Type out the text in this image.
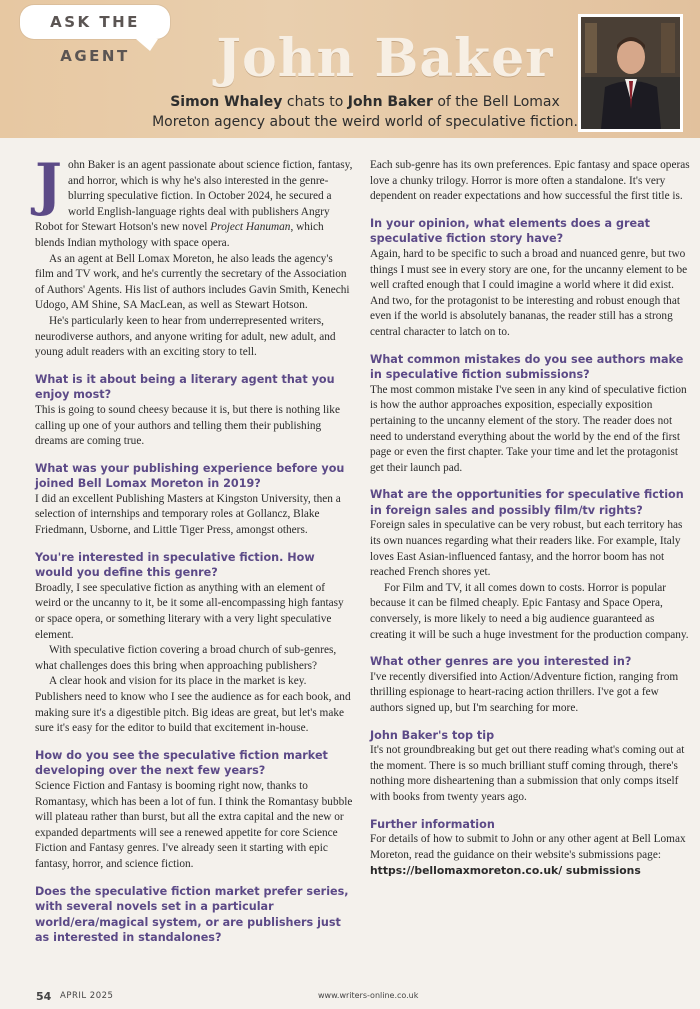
ASK THE AGENT	John Baker
Simon Whaley chats to John Baker of the Bell Lomax Moreton agency about the weird world of speculative fiction.

John Baker is an agent passionate about science fiction, fantasy, and horror, which is why he's also interested in the genre-blurring speculative fiction. In October 2024, he secured a world English-language rights deal with publishers Angry Robot for Stewart Hotson's new novel Project Hanuman, which blends Indian mythology with space opera.

As an agent at Bell Lomax Moreton, he also leads the agency's film and TV work, and he's currently the secretary of the Association of Authors' Agents. His list of authors includes Gavin Smith, Kenechi Udogo, AM Shine, SA MacLean, as well as Stewart Hotson.

He's particularly keen to hear from underrepresented writers, neurodiverse authors, and anyone writing for adult, new adult, and young adult readers with an exciting story to tell.

What is it about being a literary agent that you enjoy most?

This is going to sound cheesy because it is, but there is nothing like calling up one of your authors and telling them their publishing dreams are coming true.

What was your publishing experience before you joined Bell Lomax Moreton in 2019?

I did an excellent Publishing Masters at Kingston University, then a selection of internships and temporary roles at Gollancz, Blake Friedmann, Usborne, and Little Tiger Press, amongst others.

You're interested in speculative fiction. How would you define this genre?

Broadly, I see speculative fiction as anything with an element of weird or the uncanny to it, be it some all-encompassing high fantasy or space opera, or something literary with a very light speculative element.

With speculative fiction covering a broad church of sub-genres, what challenges does this bring when approaching publishers?

A clear hook and vision for its place in the market is key. Publishers need to know who I see the audience as for each book, and making sure it's a digestible pitch. Big ideas are great, but let's make sure it's easy for the editor to build that excitement in-house.

How do you see the speculative fiction market developing over the next few years?

Science Fiction and Fantasy is booming right now, thanks to Romantasy, which has been a lot of fun. I think the Romantasy bubble will plateau rather than burst, but all the extra capital and the new or expanded departments will see a renewed appetite for core Science Fiction and Fantasy genres. I've already seen it starting with epic fantasy, horror, and science fiction.

Does the speculative fiction market prefer series, with several novels set in a particular world/era/magical system, or are publishers just as interested in standalones?

Each sub-genre has its own preferences. Epic fantasy and space operas love a chunky trilogy. Horror is more often a standalone. It's very dependent on reader expectations and how successful the first title is.

In your opinion, what elements does a great speculative fiction story have?

Again, hard to be specific to such a broad and nuanced genre, but two things I must see in every story are one, for the uncanny element to be well crafted enough that I could imagine a world where it did exist. And two, for the protagonist to be interesting and robust enough that even if the world is absolutely bananas, the reader still has a strong central character to latch on to.

What common mistakes do you see authors make in speculative fiction submissions?

The most common mistake I've seen in any kind of speculative fiction is how the author approaches exposition, especially exposition pertaining to the uncanny element of the story. The reader does not need to understand everything about the world by the end of the first page or even the first chapter. Take your time and let the protagonist get their launch pad.

What are the opportunities for speculative fiction in foreign sales and possibly film/tv rights?

Foreign sales in speculative can be very robust, but each territory has its own nuances regarding what their readers like. For example, Italy loves East Asian-influenced fantasy, and the horror boom has not reached French shores yet.

For Film and TV, it all comes down to costs. Horror is popular because it can be filmed cheaply. Epic Fantasy and Space Opera, conversely, is more likely to need a big audience guaranteed as creating it will be such a huge investment for the production company.

What other genres are you interested in?

I've recently diversified into Action/Adventure fiction, ranging from thrilling espionage to heart-racing action thrillers. I've got a few authors signed up, but I'm searching for more.

John Baker's top tip

It's not groundbreaking but get out there reading what's coming out at the moment. There is so much brilliant stuff coming through, there's nothing more disheartening than a submission that only comps itself with books from twenty years ago.

Further information

For details of how to submit to John or any other agent at Bell Lomax Moreton, read the guidance on their website's submissions page: https://bellomaxmoreton.co.uk/ submissions

54 APRIL 2025	www.writers-online.co.uk
